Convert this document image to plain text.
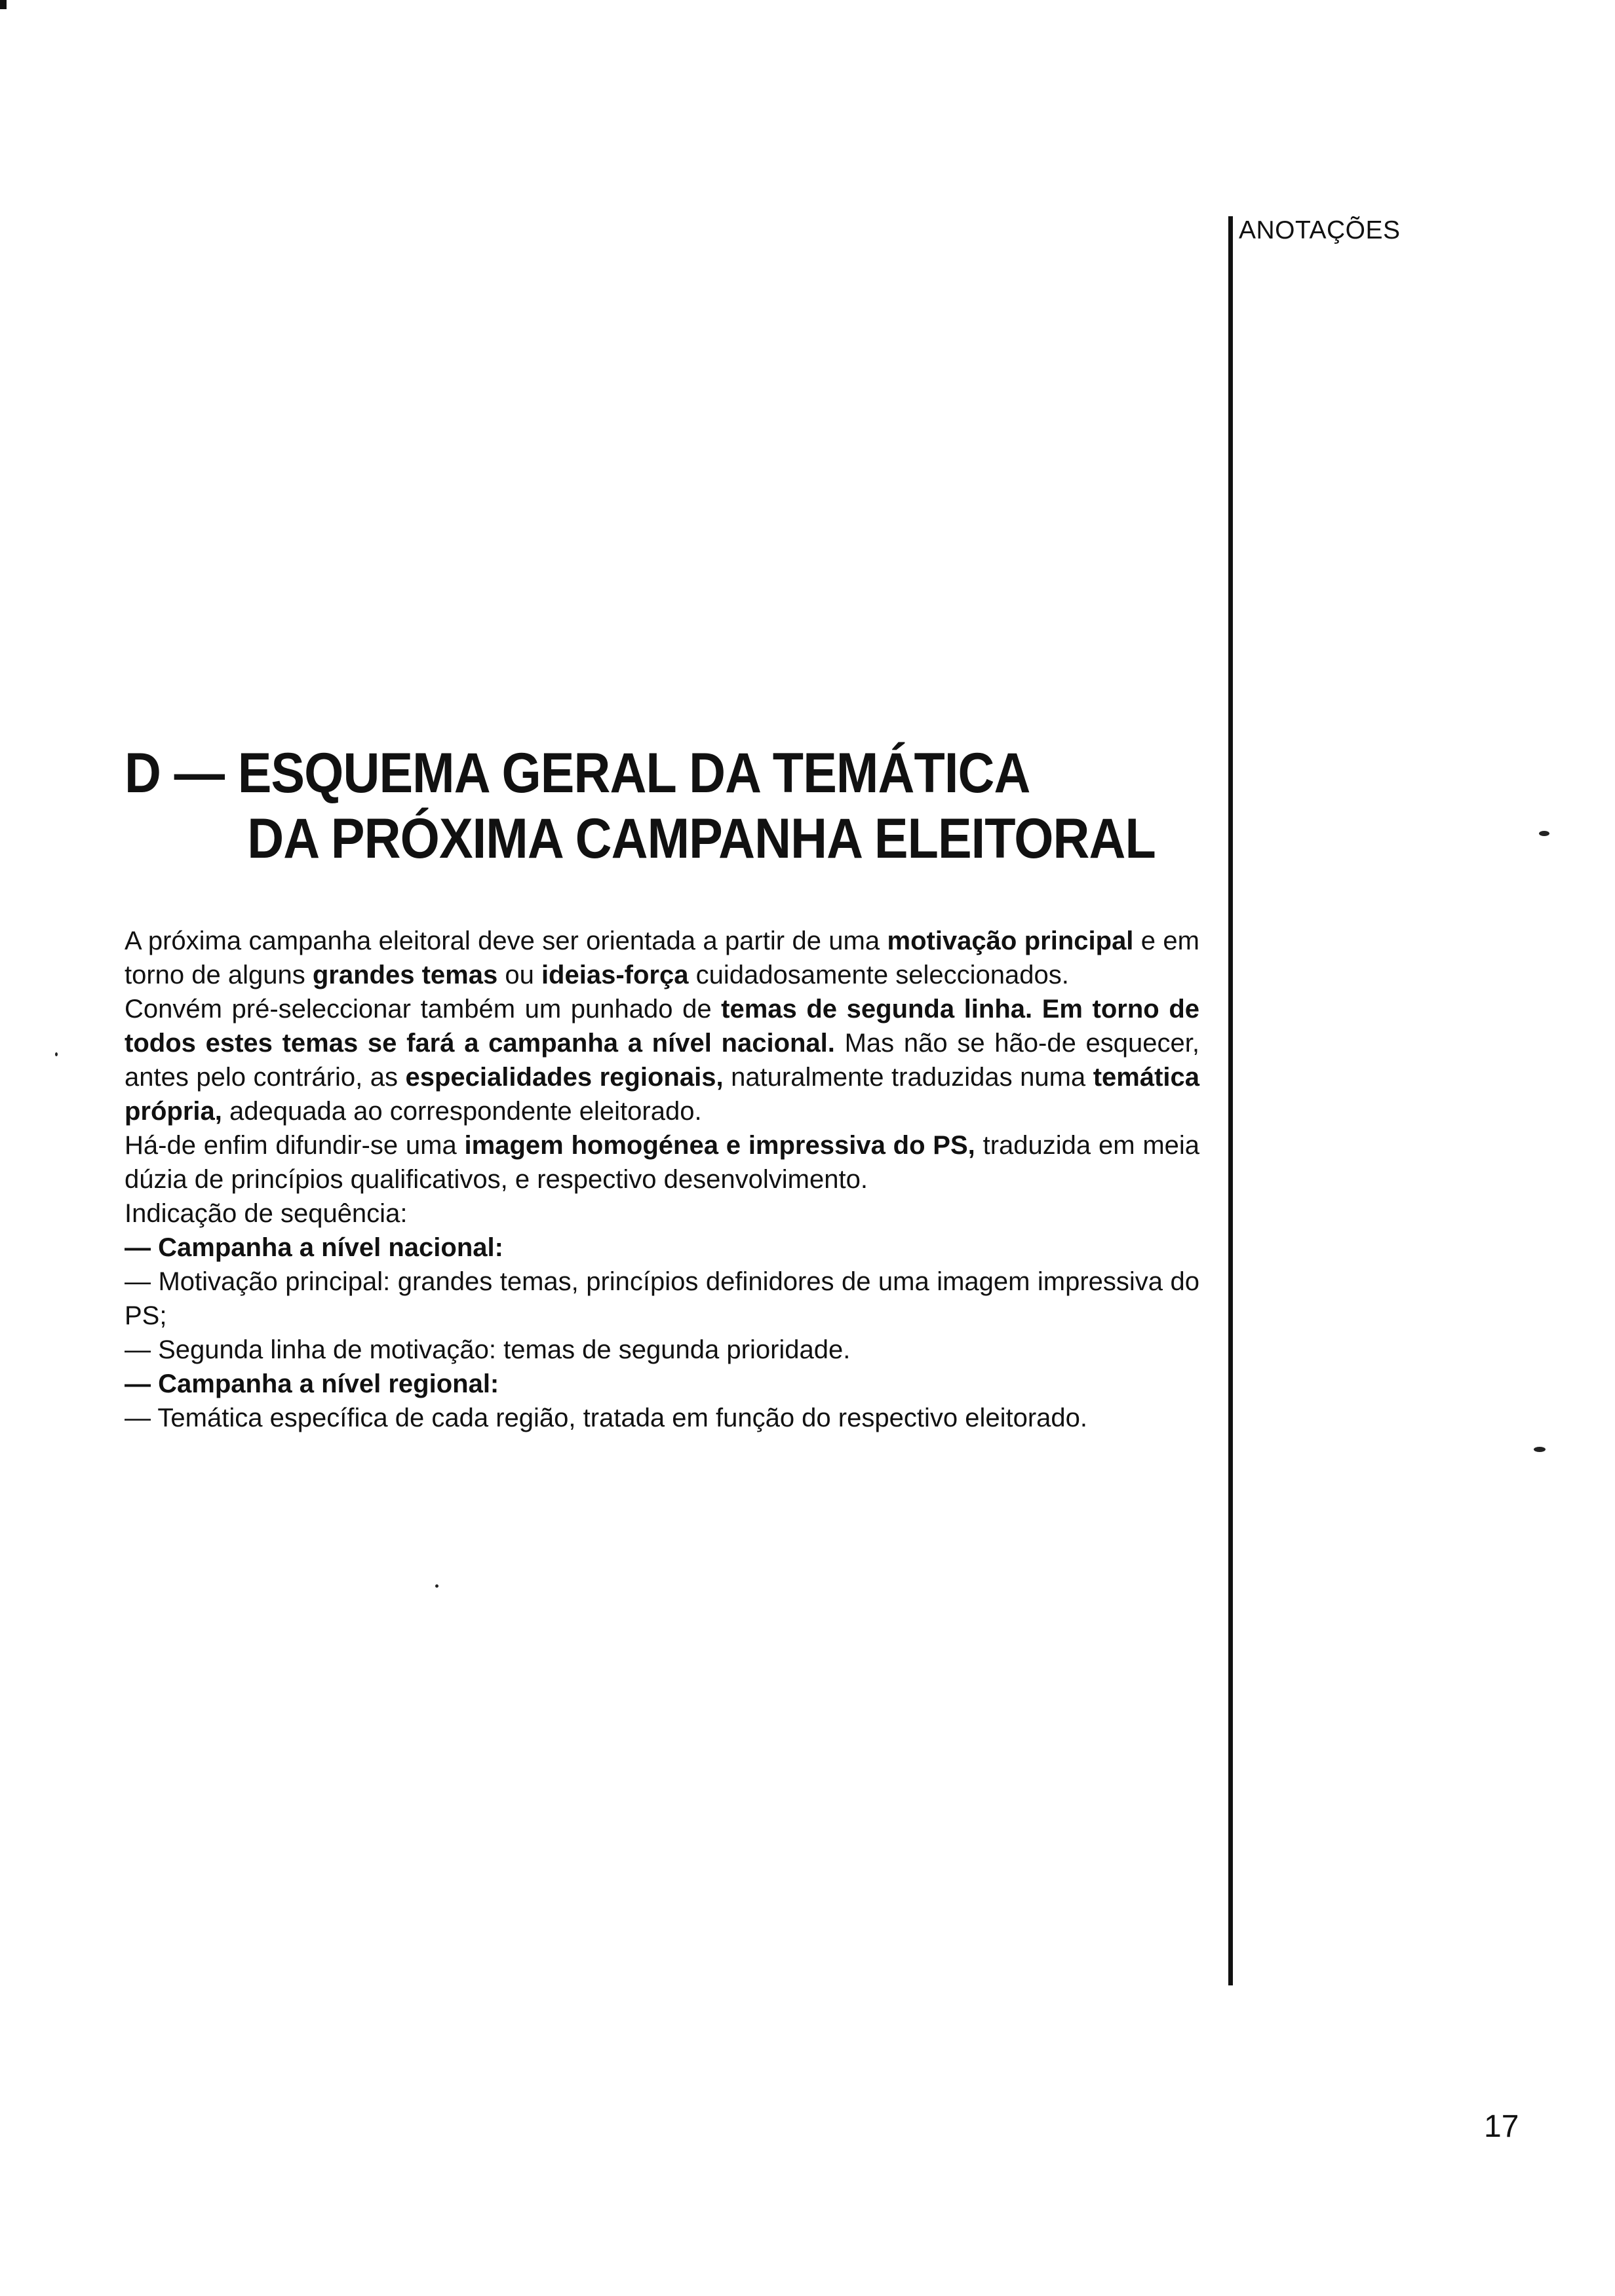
ANOTAÇÕES
D — ESQUEMA GERAL DA TEMÁTICA
DA PRÓXIMA CAMPANHA ELEITORAL

A próxima campanha eleitoral deve ser orientada a partir de uma motivação principal e em torno de alguns grandes temas ou ideias-força cuidadosamente seleccionados.

Convém pré-seleccionar também um punhado de temas de segunda linha. Em torno de todos estes temas se fará a campanha a nível nacional. Mas não se hão-de esquecer, antes pelo contrário, as especialidades regionais, naturalmente traduzidas numa temática própria, adequada ao correspondente eleitorado.

Há-de enfim difundir-se uma imagem homogénea e impressiva do PS, traduzida em meia dúzia de princípios qualificativos, e respectivo desenvolvimento.

Indicação de sequência:

— Campanha a nível nacional:

— Motivação principal: grandes temas, princípios definidores de uma imagem impressiva do PS;

— Segunda linha de motivação: temas de segunda prioridade.

— Campanha a nível regional:

— Temática específica de cada região, tratada em função do respectivo eleitorado.

17
